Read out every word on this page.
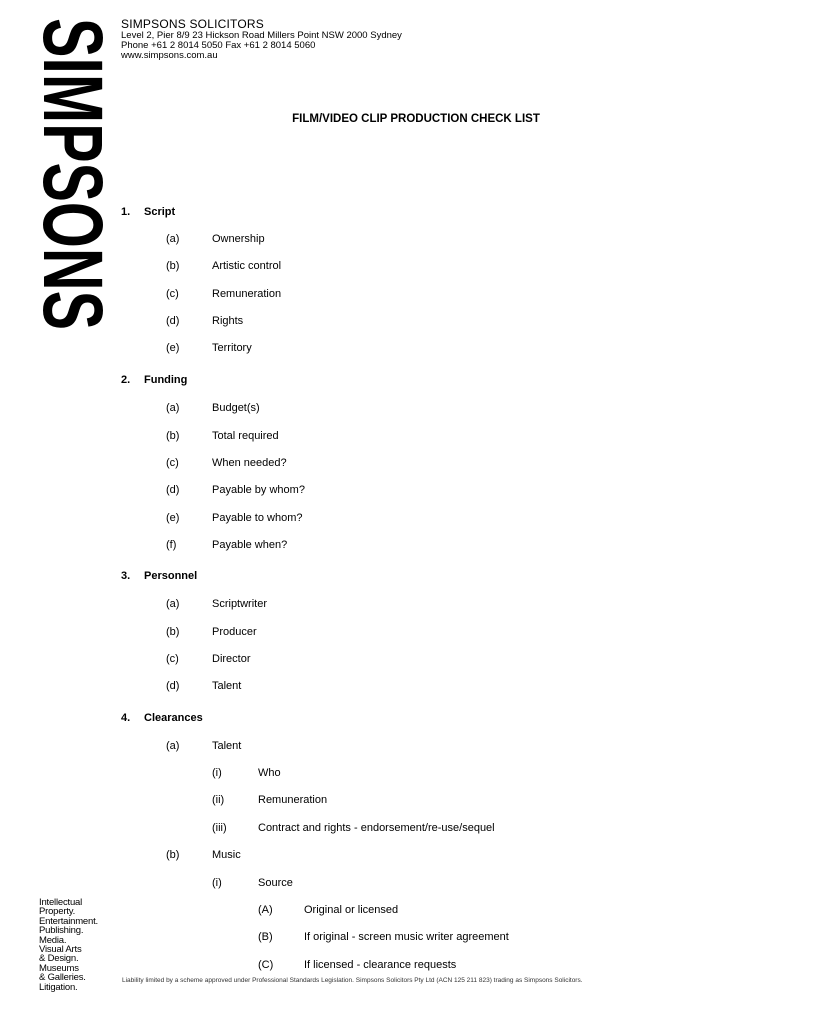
SIMPSONS SIMPSONS SOLICITORS
Level 2, Pier 8/9 23 Hickson Road Millers Point NSW 2000 Sydney
Phone +61 2 8014 5050 Fax +61 2 8014 5060
www.simpsons.com.au
FILM/VIDEO CLIP PRODUCTION CHECK LIST
1. Script
(a)	Ownership
(b)	Artistic control
(c)	Remuneration
(d)	Rights
(e)	Territory
2. Funding
(a)	Budget(s)
(b)	Total required
(c)	When needed?
(d)	Payable by whom?
(e)	Payable to whom?
(f)	Payable when?
3. Personnel
(a)	Scriptwriter
(b)	Producer
(c)	Director
(d)	Talent
4. Clearances
(a)	Talent
(i)	Who
(ii)	Remuneration
(iii)	Contract and rights - endorsement/re-use/sequel
(b)	Music
(i)	Source
(A)	Original or licensed
(B)	If original - screen music writer agreement
(C)	If licensed - clearance requests
Intellectual
Property.
Entertainment.
Publishing.
Media.
Visual Arts
& Design.
Museums
& Galleries.
Litigation.
Liability limited by a scheme approved under Professional Standards Legislation. Simpsons Solicitors Pty Ltd (ACN 125 211 823) trading as Simpsons Solicitors.
